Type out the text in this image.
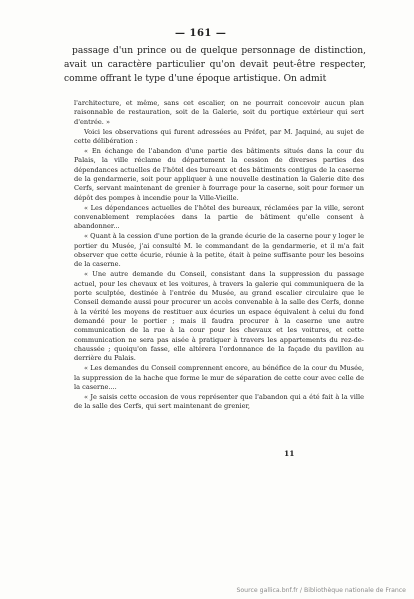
— 161 —

passage d'un prince ou de quelque personnage de distinction, avait un caractère particulier qu'on devait peut-être respecter, comme offrant le type d'une époque artistique. On admit

l'architecture, et même, sans cet escalier, on ne pourrait concevoir aucun plan raisonnable de restauration, soit de la Galerie, soit du portique extérieur qui sert d'entrée. »

Voici les observations qui furent adressées au Préfet, par M. Jaquiné, au sujet de cette délibération :

« En échange de l'abandon d'une partie des bâtiments situés dans la cour du Palais, la ville réclame du département la cession de diverses parties des dépendances actuelles de l'hôtel des bureaux et des bâtiments contigus de la caserne de la gendarmerie, soit pour appliquer à une nouvelle destination la Galerie dite des Cerfs, servant maintenant de grenier à fourrage pour la caserne, soit pour former un dépôt des pompes à incendie pour la Ville-Vieille.

« Les dépendances actuelles de l'hôtel des bureaux, réclamées par la ville, seront convenablement remplacées dans la partie de bâtiment qu'elle consent à abandonner...

« Quant à la cession d'une portion de la grande écurie de la caserne pour y loger le portier du Musée, j'ai consulté M. le commandant de la gendarmerie, et il m'a fait observer que cette écurie, réunie à la petite, était à peine suffisante pour les besoins de la caserne.

« Une autre demande du Conseil, consistant dans la suppression du passage actuel, pour les chevaux et les voitures, à travers la galerie qui communiquera de la porte sculptée, destinée à l'entrée du Musée, au grand escalier circulaire que le Conseil demande aussi pour procurer un accès convenable à la salle des Cerfs, donne à la vérité les moyens de restituer aux écuries un espace équivalent à celui du fond demandé pour le portier ; mais il faudra procurer à la caserne une autre communication de la rue à la cour pour les chevaux et les voitures, et cette communication ne sera pas aisée à pratiquer à travers les appartements du rez-de-chaussée ; quoiqu'on fasse, elle altérera l'ordonnance de la façade du pavillon au derrière du Palais.

« Les demandes du Conseil comprennent encore, au bénéfice de la cour du Musée, la suppression de la hache que forme le mur de séparation de cette cour avec celle de la caserne....

« Je saisis cette occasion de vous représenter que l'abandon qui a été fait à la ville de la salle des Cerfs, qui sert maintenant de grenier,

11
Source gallica.bnf.fr / Bibliothèque nationale de France
